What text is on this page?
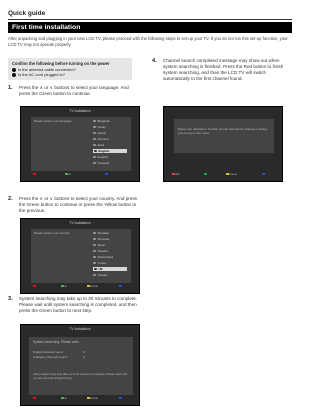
Quick guide
First time installation
After unpacking and plugging in your new LCD TV, please proceed with the following steps to set-up your TV. If you do not run this set-up function, your LCD TV may not operate properly.
Confirm the following before turning on the power
Is the antenna cable connected?
Is the AC cord plugged in?
1. Press the ∧ or ∨ buttons to select your language. And press the Green button to continue.
TV Installation
Please select your language:	Bulgarian
Cesky
Dansk
Deutsch
Eesti
English
Español
Français
Next
2. Press the ∧ or ∨ buttons to select your country. And press the Green button to continue or press the Yellow button to the previous.
TV Installation
Please select your country:	Slovakia
Slovenia
Spain
Sweden
Switzerland
Turkey
UK
Ukraine
Next	Previous
3. System searching may take up to 20 minutes to complete. Please wait until system searching is completed, and then press the Green button to next step.
TV Installation
System searching. Please wait...
Digital channels found	0
Analogue channels found	0
Auto programming may take up to 20 minutes to complete. Please wait until you see the Auto Programming.
Next	Previous
4. Channel search completed message may show out when system searching is finished. Press the Red button to finish system searching, and then the LCD TV will switch automatically to the first channel found.
Enjoy your television ! If rather do you still want to change a setting, you can go to the menu.
Finish	Previous
